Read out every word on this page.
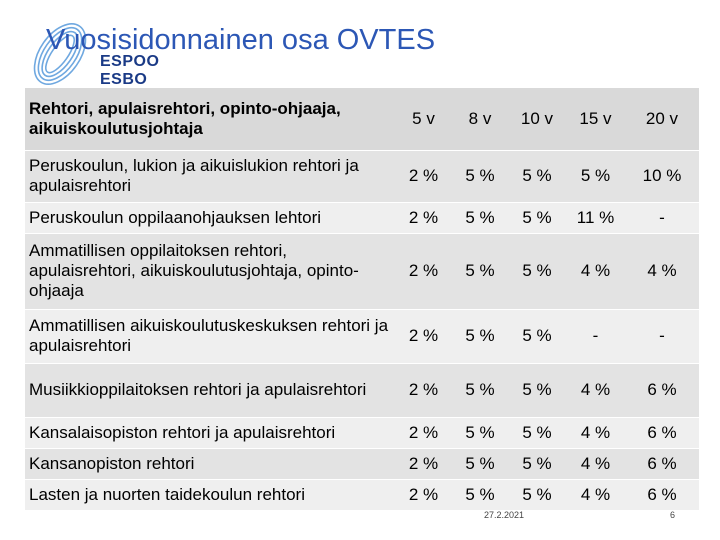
ESPOO
ESBO
Vuosisidonnainen osa OVTES
Rehtori, apulaisrehtori, opinto-ohjaaja, aikuiskoulutusjohtaja	5 v	8 v	10 v	15 v	20 v
Peruskoulun, lukion ja aikuislukion rehtori ja apulaisrehtori	2 %	5 %	5 %	5 %	10 %
Peruskoulun oppilaanohjauksen lehtori	2 %	5 %	5 %	11 %	-
Ammatillisen oppilaitoksen rehtori, apulaisrehtori, aikuiskoulutusjohtaja, opinto-ohjaaja	2 %	5 %	5 %	4 %	4 %
Ammatillisen aikuiskoulutuskeskuksen rehtori ja apulaisrehtori	2 %	5 %	5 %	-	-
Musiikkioppilaitoksen rehtori ja apulaisrehtori	2 %	5 %	5 %	4 %	6 %
Kansalaisopiston rehtori ja apulaisrehtori	2 %	5 %	5 %	4 %	6 %
Kansanopiston rehtori	2 %	5 %	5 %	4 %	6 %
Lasten ja nuorten taidekoulun rehtori	2 %	5 %	5 %	4 %	6 %
27.2.2021	6
